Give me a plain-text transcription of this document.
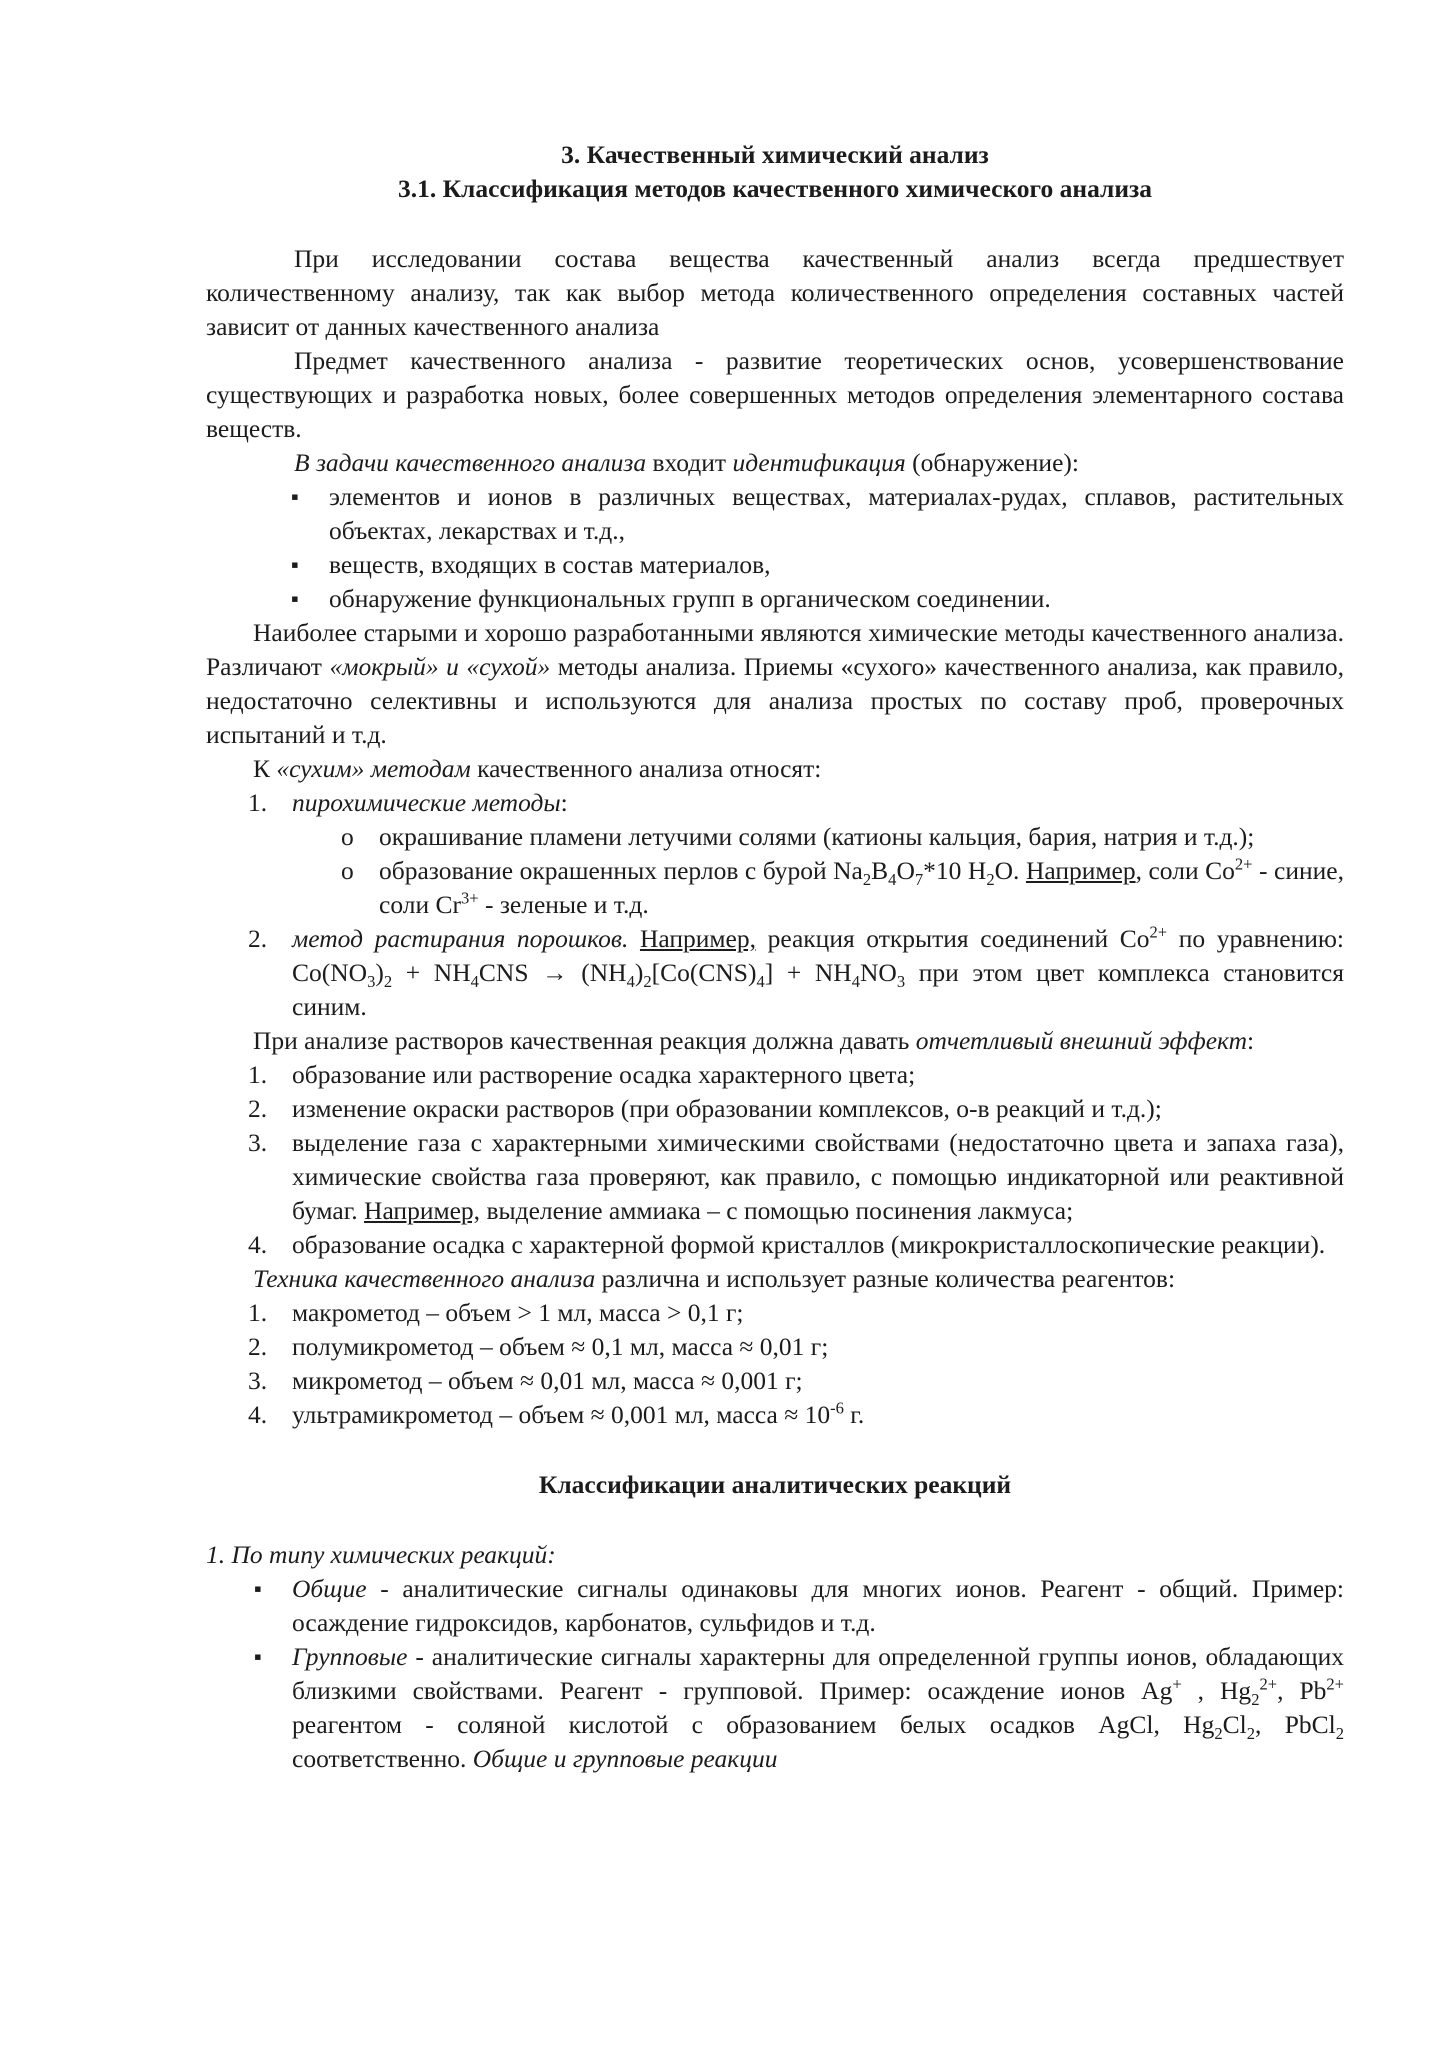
3. Качественный химический анализ

3.1. Классификация методов качественного химического анализа

При исследовании состава вещества качественный анализ всегда предшествует количественному анализу, так как выбор метода количественного определения составных частей зависит от данных качественного анализа

Предмет качественного анализа - развитие теоретических основ, усовершенствование существующих и разработка новых, более совершенных методов определения элементарного состава веществ.

В задачи качественного анализа входит идентификация (обнаружение):

▪ элементов и ионов в различных веществах, материалах-рудах, сплавов, растительных объектах, лекарствах и т.д.,
▪ веществ, входящих в состав материалов,
▪ обнаружение функциональных групп в органическом соединении.

Наиболее старыми и хорошо разработанными являются химические методы качественного анализа. Различают «мокрый» и «сухой» методы анализа. Приемы «сухого» качественного анализа, как правило, недостаточно селективны и используются для анализа простых по составу проб, проверочных испытаний и т.д.

К «сухим» методам качественного анализа относят:

1. пирохимические методы:
o окрашивание пламени летучими солями (катионы кальция, бария, натрия и т.д.);
o образование окрашенных перлов с бурой $Na_2B_4O_7*10$ $H_2O$. Например, соли $Co^{2+}$ - синие, соли $Cr^{3+}$ - зеленые и т.д.
2. метод растирания порошков. Например, реакция открытия соединений $Co^{2+}$ по уравнению: $Co(NO_3)_2 + NH_4CNS \to (NH_4)_2[Co(CNS)_4] + NH_4NO_3$ при этом цвет комплекса становится синим.

При анализе растворов качественная реакция должна давать отчетливый внешний эффект:

1. образование или растворение осадка характерного цвета;
2. изменение окраски растворов (при образовании комплексов, о-в реакций и т.д.);
3. выделение газа с характерными химическими свойствами (недостаточно цвета и запаха газа), химические свойства газа проверяют, как правило, с помощью индикаторной или реактивной бумаг. Например, выделение аммиака – с помощью посинения лакмуса;
4. образование осадка с характерной формой кристаллов (микрокристаллоскопические реакции).

Техника качественного анализа различна и использует разные количества реагентов:

1. макрометод – объем > 1 мл, масса > 0,1 г;
2. полумикрометод – объем ≈ 0,1 мл, масса ≈ 0,01 г;
3. микрометод – объем ≈ 0,01 мл, масса ≈ 0,001 г;
4. ультрамикрометод – объем ≈ 0,001 мл, масса ≈ $10^{-6}$ г.

Классификации аналитических реакций

1. По типу химических реакций:

▪ Общие - аналитические сигналы одинаковы для многих ионов. Реагент - общий. Пример: осаждение гидроксидов, карбонатов, сульфидов и т.д.
▪ Групповые - аналитические сигналы характерны для определенной группы ионов, обладающих близкими свойствами. Реагент - групповой. Пример: осаждение ионов Ag+ , $Hg_2^{2+}$, $Pb^{2+}$ реагентом - соляной кислотой с образованием белых осадков AgCl, $Hg_2Cl_2$, PbCl$_2$ соответственно. Общие и групповые реакции
